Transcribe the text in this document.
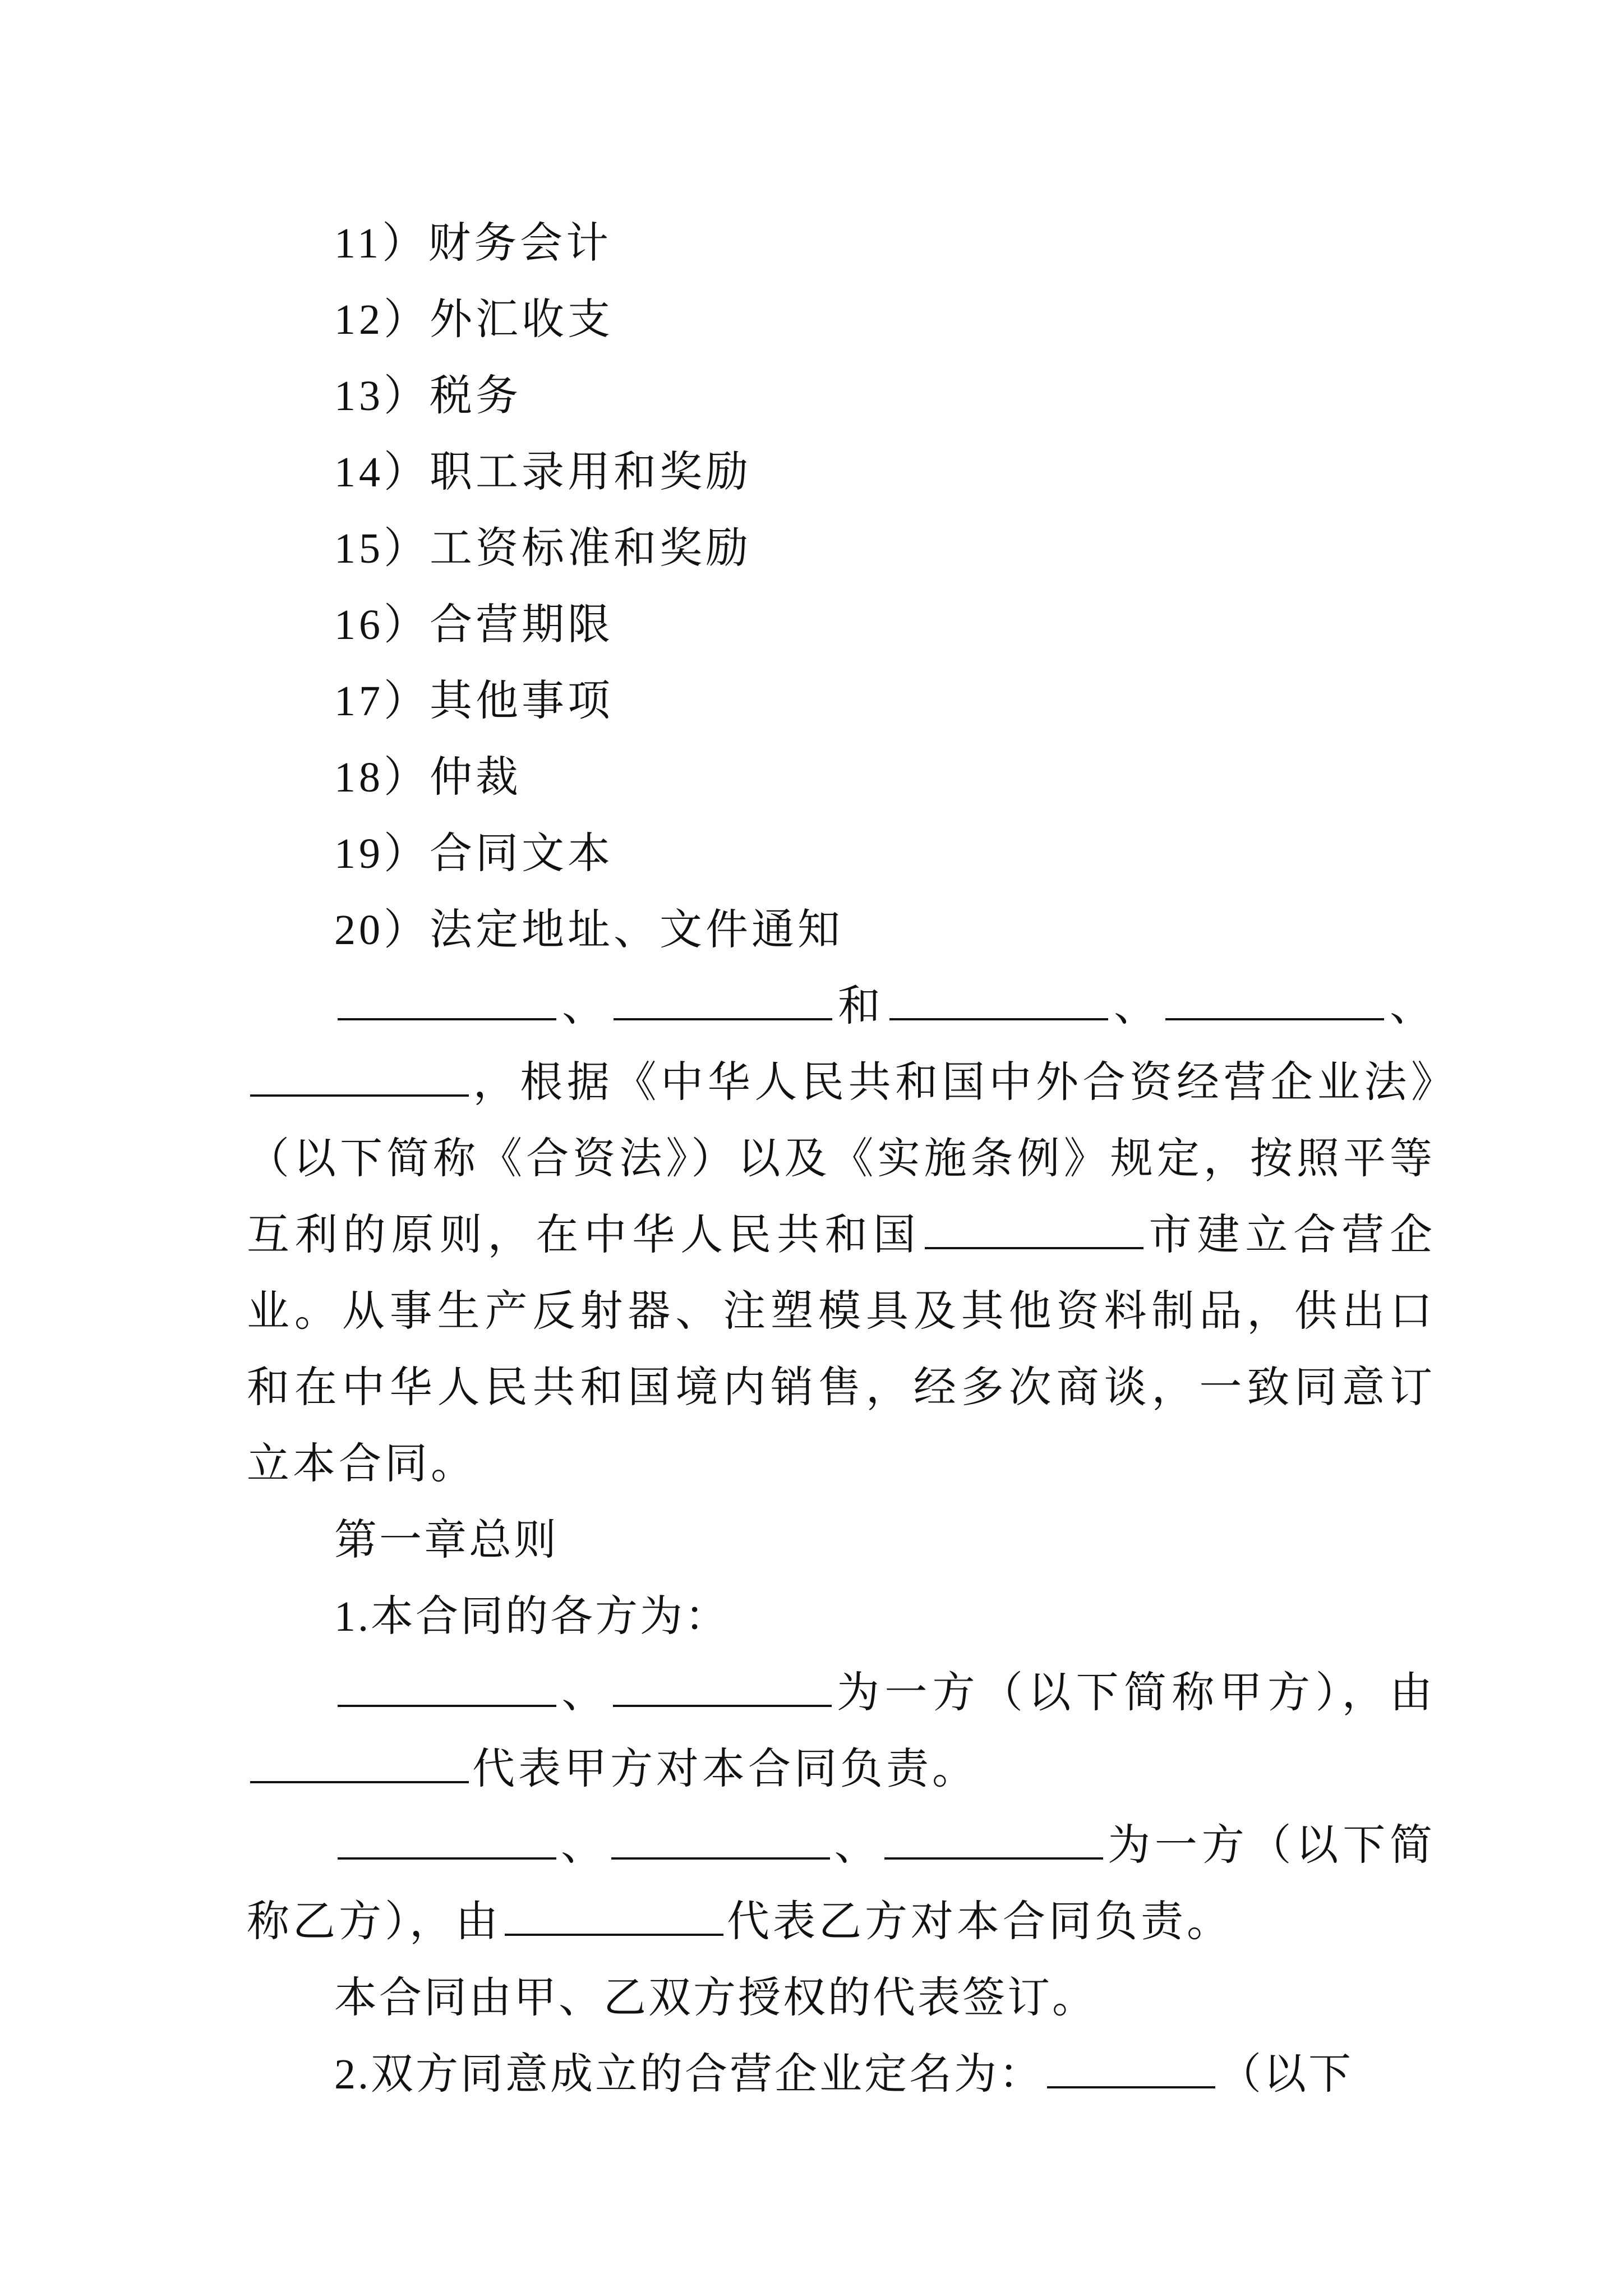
11）财务会计
12）外汇收支
13）税务
14）职工录用和奖励
15）工资标准和奖励
16）合营期限
17）其他事项
18）仲裁
19）合同文本
20）法定地址、文件通知

、	和	、	、，根据《中华人民共和国中外合资经营企业法》（以下简称《合资法》）以及《实施条例》规定，按照平等互利的原则，在中华人民共和国	市建立合营企业。从事生产反射器、注塑模具及其他资料制品，供出口和在中华人民共和国境内销售，经多次商谈，一致同意订立本合同。

第一章总则
1.本合同的各方为：

、	为一方（以下简称甲方），由代表甲方对本合同负责。

、	、	为一方（以下简称乙方），由	代表乙方对本合同负责。

本合同由甲、乙双方授权的代表签订。
2.双方同意成立的合营企业定名为：	（以下
